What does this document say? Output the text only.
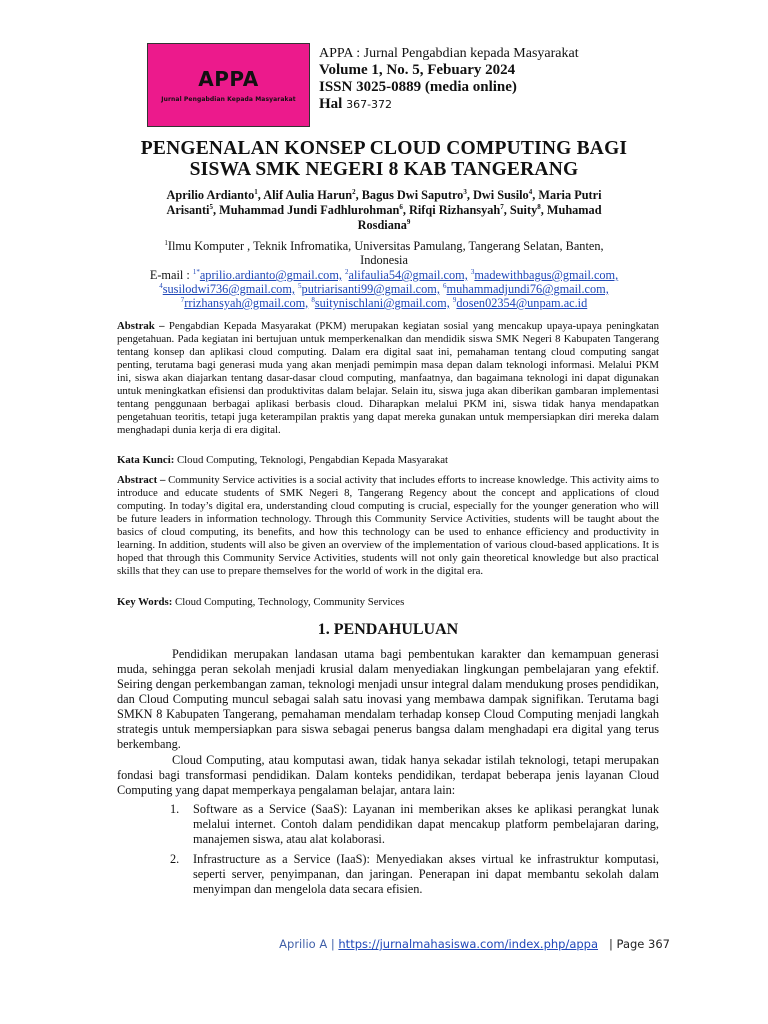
APPA
Jurnal Pengabdian Kepada Masyarakat
APPA : Jurnal Pengabdian kepada Masyarakat
Volume 1, No. 5, Febuary 2024
ISSN 3025-0889 (media online)
Hal 367-372
PENGENALAN KONSEP CLOUD COMPUTING BAGI
SISWA SMK NEGERI 8 KAB TANGERANG
Aprilio Ardianto$^1$, Alif Aulia Harun$^2$, Bagus Dwi Saputro$^3$, Dwi Susilo$^4$, Maria Putri Arisanti$^5$, Muhammad Jundi Fadhlurohman$^6$, Rifqi Rizhansyah$^7$, Suity$^8$, Muhamad Rosdiana$^9$
$^1$Ilmu Komputer , Teknik Infromatika, Universitas Pamulang, Tangerang Selatan, Banten, Indonesia
E-mail : $^{1*}$aprilio.ardianto@gmail.com, $^2$alifaulia54@gmail.com, $^3$madewithbagus@gmail.com, $^4$susilodwi736@gmail.com, $^5$putriarisanti99@gmail.com, $^6$muhammadjundi76@gmail.com, $^7$rrizhansyah@gmail.com, $^8$suitynischlani@gmail.com, $^9$dosen02354@unpam.ac.id
Abstrak – Pengabdian Kepada Masyarakat (PKM) merupakan kegiatan sosial yang mencakup upaya-upaya peningkatan pengetahuan. Pada kegiatan ini bertujuan untuk memperkenalkan dan mendidik siswa SMK Negeri 8 Kabupaten Tangerang tentang konsep dan aplikasi cloud computing. Dalam era digital saat ini, pemahaman tentang cloud computing sangat penting, terutama bagi generasi muda yang akan menjadi pemimpin masa depan dalam teknologi informasi. Melalui PKM ini, siswa akan diajarkan tentang dasar-dasar cloud computing, manfaatnya, dan bagaimana teknologi ini dapat digunakan untuk meningkatkan efisiensi dan produktivitas dalam belajar. Selain itu, siswa juga akan diberikan gambaran implementasi tentang penggunaan berbagai aplikasi berbasis cloud. Diharapkan melalui PKM ini, siswa tidak hanya mendapatkan pengetahuan teoritis, tetapi juga keterampilan praktis yang dapat mereka gunakan untuk mempersiapkan diri mereka dalam menghadapi dunia kerja di era digital.
Kata Kunci: Cloud Computing, Teknologi, Pengabdian Kepada Masyarakat
Abstract – Community Service activities is a social activity that includes efforts to increase knowledge. This activity aims to introduce and educate students of SMK Negeri 8, Tangerang Regency about the concept and applications of cloud computing. In today’s digital era, understanding cloud computing is crucial, especially for the younger generation who will be future leaders in information technology. Through this Community Service Activities, students will be taught about the basics of cloud computing, its benefits, and how this technology can be used to enhance efficiency and productivity in learning. In addition, students will also be given an overview of the implementation of various cloud-based applications. It is hoped that through this Community Service Activities, students will not only gain theoretical knowledge but also practical skills that they can use to prepare themselves for the world of work in the digital era.
Key Words: Cloud Computing, Technology, Community Services
1. PENDAHULUAN
Pendidikan merupakan landasan utama bagi pembentukan karakter dan kemampuan generasi muda, sehingga peran sekolah menjadi krusial dalam menyediakan lingkungan pembelajaran yang efektif. Seiring dengan perkembangan zaman, teknologi menjadi unsur integral dalam mendukung proses pendidikan, dan Cloud Computing muncul sebagai salah satu inovasi yang membawa dampak signifikan. Terutama bagi SMKN 8 Kabupaten Tangerang, pemahaman mendalam terhadap konsep Cloud Computing menjadi langkah strategis untuk mempersiapkan para siswa sebagai penerus bangsa dalam menghadapi era digital yang terus berkembang.
Cloud Computing, atau komputasi awan, tidak hanya sekadar istilah teknologi, tetapi merupakan fondasi bagi transformasi pendidikan. Dalam konteks pendidikan, terdapat beberapa jenis layanan Cloud Computing yang dapat memperkaya pengalaman belajar, antara lain:
1. Software as a Service (SaaS): Layanan ini memberikan akses ke aplikasi perangkat lunak melalui internet. Contoh dalam pendidikan dapat mencakup platform pembelajaran daring, manajemen siswa, atau alat kolaborasi.
2. Infrastructure as a Service (IaaS): Menyediakan akses virtual ke infrastruktur komputasi, seperti server, penyimpanan, dan jaringan. Penerapan ini dapat membantu sekolah dalam menyimpan dan mengelola data secara efisien.
Aprilio A | https://jurnalmahasiswa.com/index.php/appa   | Page 367
